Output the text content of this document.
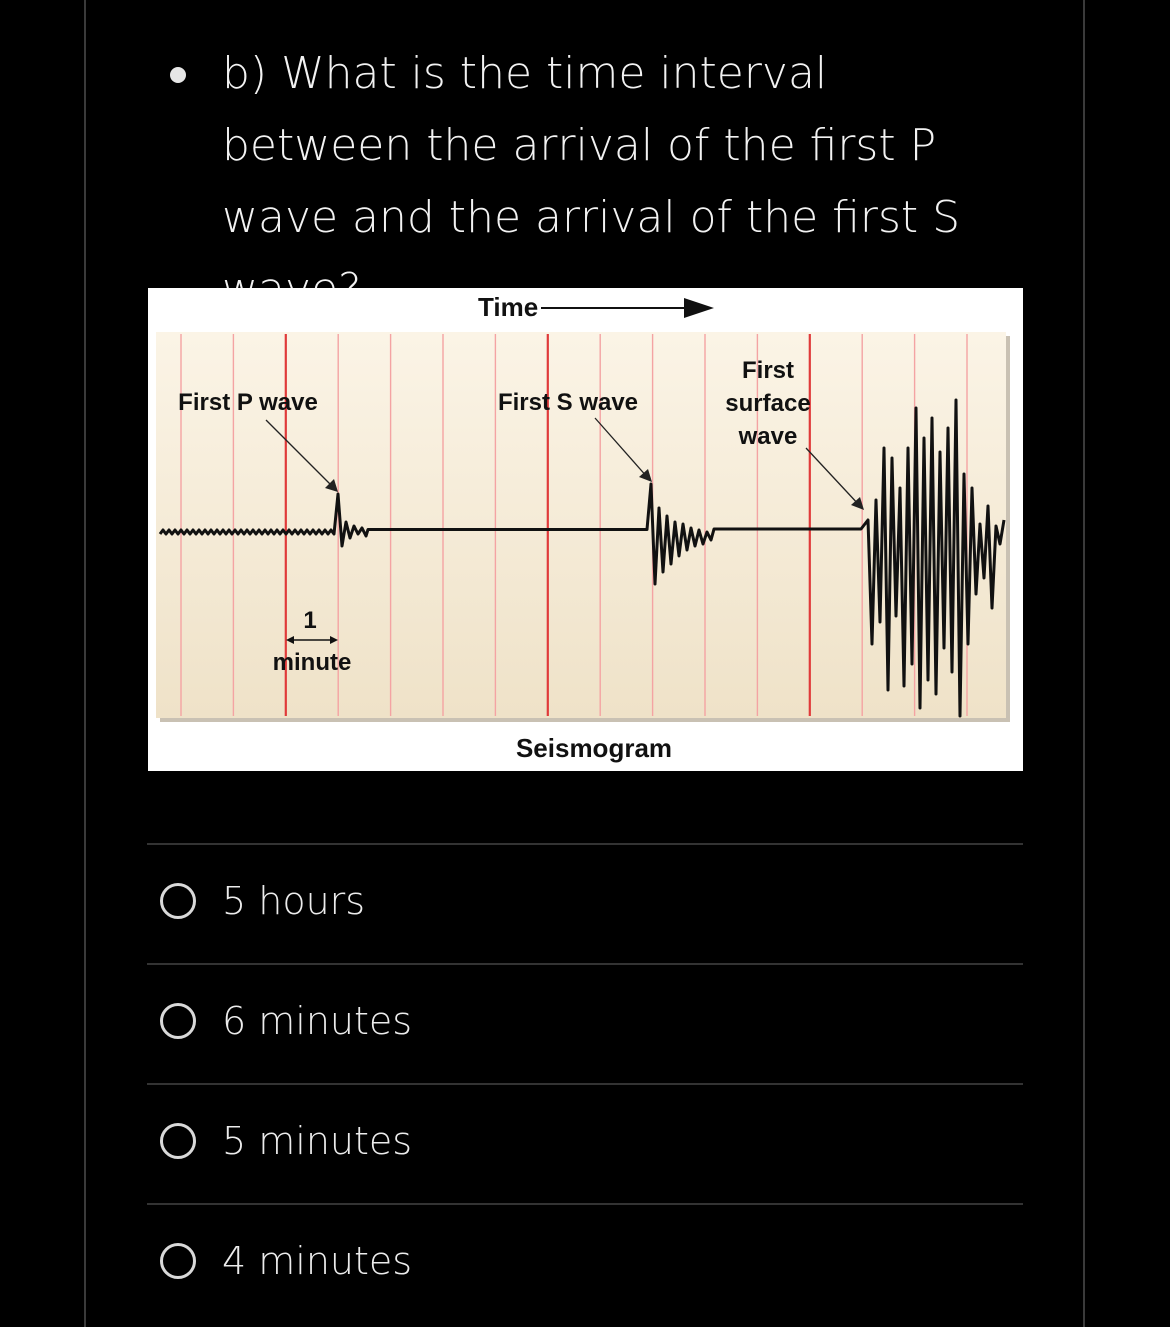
b) What is the time interval between the arrival of the first P wave and the arrival of the first S
Time
First P wave	First S wave
First
surface
wave
1
minute
Seismogram
5 hours
6 minutes
5 minutes
4 minutes
